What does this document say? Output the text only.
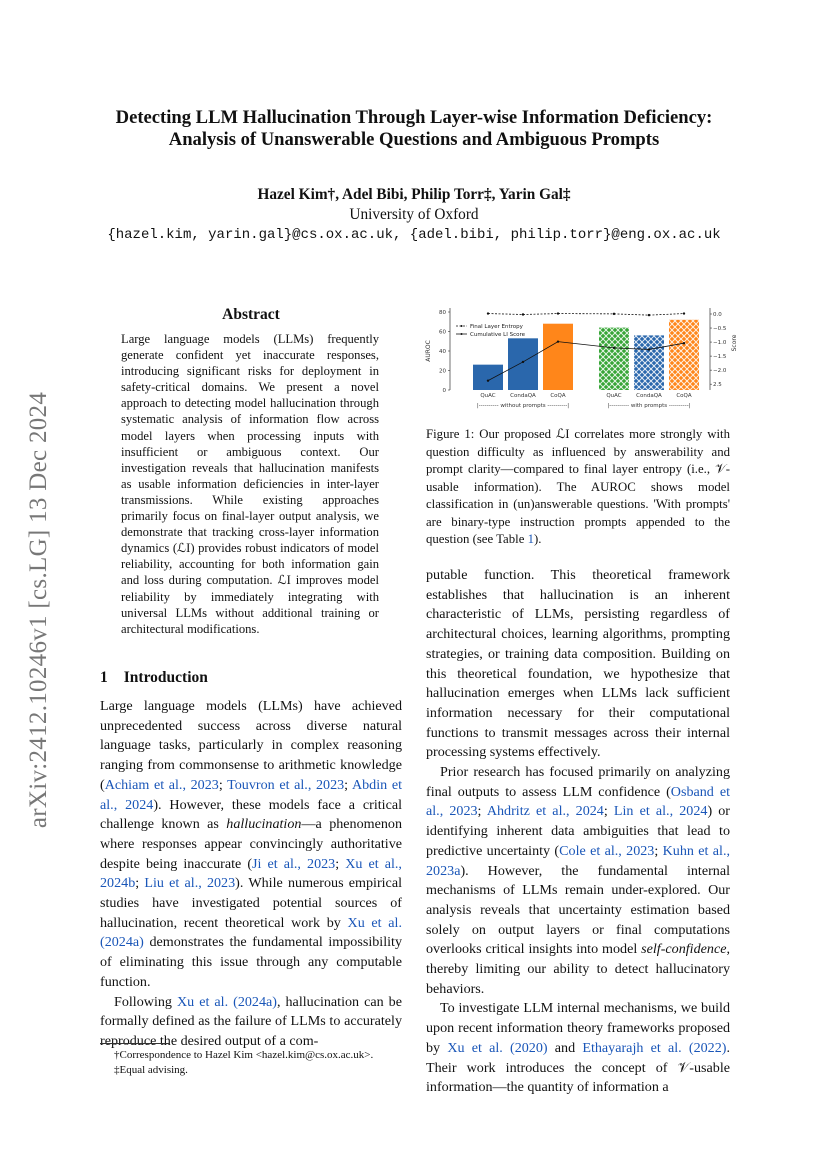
arXiv:2412.10246v1 [cs.LG] 13 Dec 2024
Detecting LLM Hallucination Through Layer-wise Information Deficiency:
Analysis of Unanswerable Questions and Ambiguous Prompts
Hazel Kim†, Adel Bibi, Philip Torr‡, Yarin Gal‡
University of Oxford
{hazel.kim, yarin.gal}@cs.ox.ac.uk, {adel.bibi, philip.torr}@eng.ox.ac.uk
Abstract

Large language models (LLMs) frequently generate confident yet inaccurate responses, introducing significant risks for deployment in safety-critical domains. We present a novel approach to detecting model hallucination through systematic analysis of information flow across model layers when processing inputs with insufficient or ambiguous context. Our investigation reveals that hallucination manifests as usable information deficiencies in inter-layer transmissions. While existing approaches primarily focus on final-layer output analysis, we demonstrate that tracking cross-layer information dynamics (ℒI) provides robust indicators of model reliability, accounting for both information gain and loss during computation. ℒI improves model reliability by immediately integrating with universal LLMs without additional training or architectural modifications.

1 Introduction

Large language models (LLMs) have achieved unprecedented success across diverse natural language tasks, particularly in complex reasoning ranging from commonsense to arithmetic knowledge (Achiam et al., 2023; Touvron et al., 2023; Abdin et al., 2024). However, these models face a critical challenge known as hallucination—a phenomenon where responses appear convincingly authoritative despite being inaccurate (Ji et al., 2023; Xu et al., 2024b; Liu et al., 2023). While numerous empirical studies have investigated potential sources of hallucination, recent theoretical work by Xu et al. (2024a) demonstrates the fundamental impossibility of eliminating this issue through any computable function.

Following Xu et al. (2024a), hallucination can be formally defined as the failure of LLMs to accurately reproduce the desired output of a com-

†Correspondence to Hazel Kim <hazel.kim@cs.ox.ac.uk>.
‡Equal advising.
0
20
40
60
80
AUROC
0.0
−0.5
−1.0
−1.5
−2.0
2.5
Score
QuAC	CondaQA	CoQA	QuAC	CondaQA	CoQA
|---------- without prompts ----------|	|---------- with prompts ----------|
Final Layer Entropy
Cumulative LI Score
Figure 1: Our proposed ℒI correlates more strongly with question difficulty as influenced by answerability and prompt clarity—compared to final layer entropy (i.e., 𝒱-usable information). The AUROC shows model classification in (un)answerable questions. 'With prompts' are binary-type instruction prompts appended to the question (see Table 1).

putable function. This theoretical framework establishes that hallucination is an inherent characteristic of LLMs, persisting regardless of architectural choices, learning algorithms, prompting strategies, or training data composition. Building on this theoretical foundation, we hypothesize that hallucination emerges when LLMs lack sufficient information necessary for their computational functions to transmit messages across their internal processing systems effectively.

Prior research has focused primarily on analyzing final outputs to assess LLM confidence (Osband et al., 2023; Ahdritz et al., 2024; Lin et al., 2024) or identifying inherent data ambiguities that lead to predictive uncertainty (Cole et al., 2023; Kuhn et al., 2023a). However, the fundamental internal mechanisms of LLMs remain under-explored. Our analysis reveals that uncertainty estimation based solely on output layers or final computations overlooks critical insights into model self-confidence, thereby limiting our ability to detect hallucinatory behaviors.

To investigate LLM internal mechanisms, we build upon recent information theory frameworks proposed by Xu et al. (2020) and Ethayarajh et al. (2022). Their work introduces the concept of 𝒱-usable information—the quantity of information a
